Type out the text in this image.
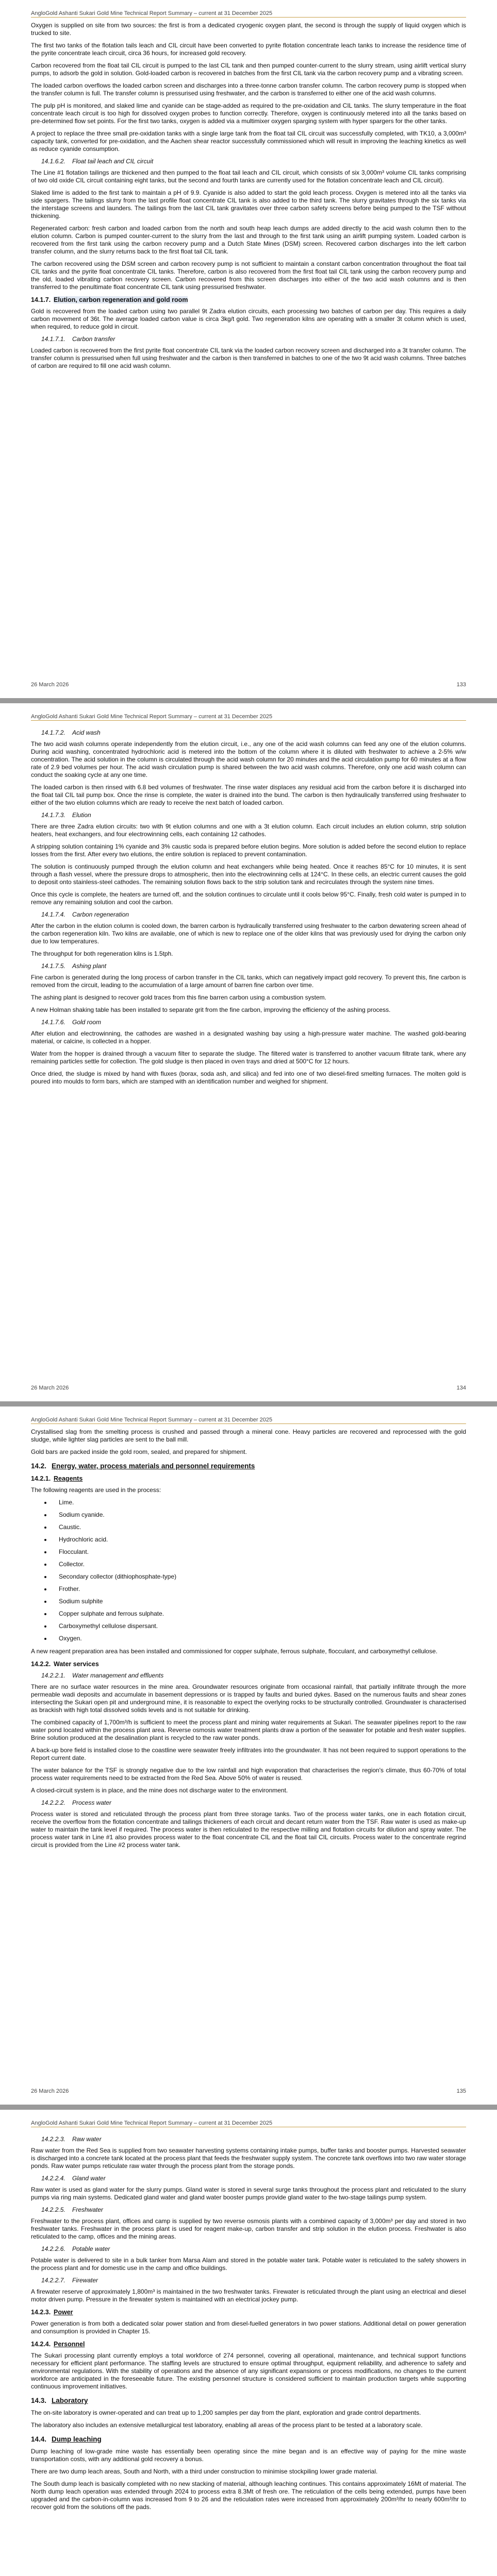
AngloGold Ashanti Sukari Gold Mine Technical Report Summary – current at 31 December 2025

Oxygen is supplied on site from two sources: the first is from a dedicated cryogenic oxygen plant, the second is through the supply of liquid oxygen which is trucked to site.

The first two tanks of the flotation tails leach and CIL circuit have been converted to pyrite flotation concentrate leach tanks to increase the residence time of the pyrite concentrate leach circuit, circa 36 hours, for increased gold recovery.

Carbon recovered from the float tail CIL circuit is pumped to the last CIL tank and then pumped counter-current to the slurry stream, using airlift vertical slurry pumps, to adsorb the gold in solution. Gold-loaded carbon is recovered in batches from the first CIL tank via the carbon recovery pump and a vibrating screen.

The loaded carbon overflows the loaded carbon screen and discharges into a three-tonne carbon transfer column. The carbon recovery pump is stopped when the transfer column is full. The transfer column is pressurised using freshwater, and the carbon is transferred to either one of the acid wash columns.

The pulp pH is monitored, and slaked lime and cyanide can be stage-added as required to the pre-oxidation and CIL tanks. The slurry temperature in the float concentrate leach circuit is too high for dissolved oxygen probes to function correctly. Therefore, oxygen is continuously metered into all the tanks based on pre-determined flow set points. For the first two tanks, oxygen is added via a multimixer oxygen sparging system with hyper spargers for the other tanks.

A project to replace the three small pre-oxidation tanks with a single large tank from the float tail CIL circuit was successfully completed, with TK10, a 3,000m³ capacity tank, converted for pre-oxidation, and the Aachen shear reactor successfully commissioned which will result in improving the leaching kinetics as well as reduce cyanide consumption.

14.1.6.2. Float tail leach and CIL circuit

The Line #1 flotation tailings are thickened and then pumped to the float tail leach and CIL circuit, which consists of six 3,000m³ volume CIL tanks comprising of two old oxide CIL circuit containing eight tanks, but the second and fourth tanks are currently used for the flotation concentrate leach and CIL circuit).

Slaked lime is added to the first tank to maintain a pH of 9.9. Cyanide is also added to start the gold leach process. Oxygen is metered into all the tanks via side spargers. The tailings slurry from the last profile float concentrate CIL tank is also added to the third tank. The slurry gravitates through the six tanks via the interstage screens and launders. The tailings from the last CIL tank gravitates over three carbon safety screens before being pumped to the TSF without thickening.

Regenerated carbon: fresh carbon and loaded carbon from the north and south heap leach dumps are added directly to the acid wash column then to the elution column. Carbon is pumped counter-current to the slurry from the last and through to the first tank using an airlift pumping system. Loaded carbon is recovered from the first tank using the carbon recovery pump and a Dutch State Mines (DSM) screen. Recovered carbon discharges into the left carbon transfer column, and the slurry returns back to the first float tail CIL tank.

The carbon recovered using the DSM screen and carbon recovery pump is not sufficient to maintain a constant carbon concentration throughout the float tail CIL tanks and the pyrite float concentrate CIL tanks. Therefore, carbon is also recovered from the first float tail CIL tank using the carbon recovery pump and the old, loaded vibrating carbon recovery screen. Carbon recovered from this screen discharges into either of the two acid wash columns and is then transferred to the penultimate float concentrate CIL tank using pressurised freshwater.

14.1.7. Elution, carbon regeneration and gold room

Gold is recovered from the loaded carbon using two parallel 9t Zadra elution circuits, each processing two batches of carbon per day. This requires a daily carbon movement of 36t. The average loaded carbon value is circa 3kg/t gold. Two regeneration kilns are operating with a smaller 3t column which is used, when required, to reduce gold in circuit.

14.1.7.1. Carbon transfer

Loaded carbon is recovered from the first pyrite float concentrate CIL tank via the loaded carbon recovery screen and discharged into a 3t transfer column. The transfer column is pressurised when full using freshwater and the carbon is then transferred in batches to one of the two 9t acid wash columns. Three batches of carbon are required to fill one acid wash column.

26 March 2026	133
AngloGold Ashanti Sukari Gold Mine Technical Report Summary – current at 31 December 2025
14.1.7.2. Acid wash

The two acid wash columns operate independently from the elution circuit, i.e., any one of the acid wash columns can feed any one of the elution columns. During acid washing, concentrated hydrochloric acid is metered into the bottom of the column where it is diluted with freshwater to achieve a 2-5% w/w concentration. The acid solution in the column is circulated through the acid wash column for 20 minutes and the acid circulation pump for 60 minutes at a flow rate of 2.9 bed volumes per hour. The acid wash circulation pump is shared between the two acid wash columns. Therefore, only one acid wash column can conduct the soaking cycle at any one time.

The loaded carbon is then rinsed with 6.8 bed volumes of freshwater. The rinse water displaces any residual acid from the carbon before it is discharged into the float tail CIL tail pump box. Once the rinse is complete, the water is drained into the bund. The carbon is then hydraulically transferred using freshwater to either of the two elution columns which are ready to receive the next batch of loaded carbon.

14.1.7.3. Elution

There are three Zadra elution circuits: two with 9t elution columns and one with a 3t elution column. Each circuit includes an elution column, strip solution heaters, heat exchangers, and four electrowinning cells, each containing 12 cathodes.

A stripping solution containing 1% cyanide and 3% caustic soda is prepared before elution begins. More solution is added before the second elution to replace losses from the first. After every two elutions, the entire solution is replaced to prevent contamination.

The solution is continuously pumped through the elution column and heat exchangers while being heated. Once it reaches 85°C for 10 minutes, it is sent through a flash vessel, where the pressure drops to atmospheric, then into the electrowinning cells at 124°C. In these cells, an electric current causes the gold to deposit onto stainless-steel cathodes. The remaining solution flows back to the strip solution tank and recirculates through the system nine times.

Once this cycle is complete, the heaters are turned off, and the solution continues to circulate until it cools below 95°C. Finally, fresh cold water is pumped in to remove any remaining solution and cool the carbon.

14.1.7.4. Carbon regeneration

After the carbon in the elution column is cooled down, the barren carbon is hydraulically transferred using freshwater to the carbon dewatering screen ahead of the carbon regeneration kiln. Two kilns are available, one of which is new to replace one of the older kilns that was previously used for drying the carbon only due to low temperatures.

The throughput for both regeneration kilns is 1.5tph.

14.1.7.5. Ashing plant

Fine carbon is generated during the long process of carbon transfer in the CIL tanks, which can negatively impact gold recovery. To prevent this, fine carbon is removed from the circuit, leading to the accumulation of a large amount of barren fine carbon over time.

The ashing plant is designed to recover gold traces from this fine barren carbon using a combustion system.

A new Holman shaking table has been installed to separate grit from the fine carbon, improving the efficiency of the ashing process.

14.1.7.6. Gold room

After elution and electrowinning, the cathodes are washed in a designated washing bay using a high-pressure water machine. The washed gold-bearing material, or calcine, is collected in a hopper.

Water from the hopper is drained through a vacuum filter to separate the sludge. The filtered water is transferred to another vacuum filtrate tank, where any remaining particles settle for collection. The gold sludge is then placed in oven trays and dried at 500°C for 12 hours.

Once dried, the sludge is mixed by hand with fluxes (borax, soda ash, and silica) and fed into one of two diesel-fired smelting furnaces. The molten gold is poured into moulds to form bars, which are stamped with an identification number and weighed for shipment.

26 March 2026	134
AngloGold Ashanti Sukari Gold Mine Technical Report Summary – current at 31 December 2025

Crystallised slag from the smelting process is crushed and passed through a mineral cone. Heavy particles are recovered and reprocessed with the gold sludge, while lighter slag particles are sent to the ball mill.

Gold bars are packed inside the gold room, sealed, and prepared for shipment.

14.2. Energy, water, process materials and personnel requirements
14.2.1. Reagents

The following reagents are used in the process:

• Lime.
• Sodium cyanide.
• Caustic.
• Hydrochloric acid.
• Flocculant.
• Collector.
• Secondary collector (dithiophosphate-type)
• Frother.
• Sodium sulphite
• Copper sulphate and ferrous sulphate.
• Carboxymethyl cellulose dispersant.
• Oxygen.

A new reagent preparation area has been installed and commissioned for copper sulphate, ferrous sulphate, flocculant, and carboxymethyl cellulose.

14.2.2. Water services
14.2.2.1. Water management and effluents

There are no surface water resources in the mine area. Groundwater resources originate from occasional rainfall, that partially infiltrate through the more permeable wadi deposits and accumulate in basement depressions or is trapped by faults and buried dykes. Based on the numerous faults and shear zones intersecting the Sukari open pit and underground mine, it is reasonable to expect the overlying rocks to be structurally controlled. Groundwater is characterised as brackish with high total dissolved solids levels and is not suitable for drinking.

The combined capacity of 1,700m³/h is sufficient to meet the process plant and mining water requirements at Sukari. The seawater pipelines report to the raw water pond located within the process plant area. Reverse osmosis water treatment plants draw a portion of the seawater for potable and fresh water supplies. Brine solution produced at the desalination plant is recycled to the raw water ponds.

A back-up bore field is installed close to the coastline were seawater freely infiltrates into the groundwater. It has not been required to support operations to the Report current date.

The water balance for the TSF is strongly negative due to the low rainfall and high evaporation that characterises the region's climate, thus 60-70% of total process water requirements need to be extracted from the Red Sea. Above 50% of water is reused.

A closed-circuit system is in place, and the mine does not discharge water to the environment.

14.2.2.2. Process water

Process water is stored and reticulated through the process plant from three storage tanks. Two of the process water tanks, one in each flotation circuit, receive the overflow from the flotation concentrate and tailings thickeners of each circuit and decant return water from the TSF. Raw water is used as make-up water to maintain the tank level if required. The process water is then reticulated to the respective milling and flotation circuits for dilution and spray water. The process water tank in Line #1 also provides process water to the float concentrate CIL and the float tail CIL circuits. Process water to the concentrate regrind circuit is provided from the Line #2 process water tank.

26 March 2026	135
AngloGold Ashanti Sukari Gold Mine Technical Report Summary – current at 31 December 2025
14.2.2.3. Raw water

Raw water from the Red Sea is supplied from two seawater harvesting systems containing intake pumps, buffer tanks and booster pumps. Harvested seawater is discharged into a concrete tank located at the process plant that feeds the freshwater supply system. The concrete tank overflows into two raw water storage ponds. Raw water pumps reticulate raw water through the process plant from the storage ponds.

14.2.2.4. Gland water

Raw water is used as gland water for the slurry pumps. Gland water is stored in several surge tanks throughout the process plant and reticulated to the slurry pumps via ring main systems. Dedicated gland water and gland water booster pumps provide gland water to the two-stage tailings pump system.

14.2.2.5. Freshwater

Freshwater to the process plant, offices and camp is supplied by two reverse osmosis plants with a combined capacity of 3,000m³ per day and stored in two freshwater tanks. Freshwater in the process plant is used for reagent make-up, carbon transfer and strip solution in the elution process. Freshwater is also reticulated to the camp, offices and the mining areas.

14.2.2.6. Potable water

Potable water is delivered to site in a bulk tanker from Marsa Alam and stored in the potable water tank. Potable water is reticulated to the safety showers in the process plant and for domestic use in the camp and office buildings.

14.2.2.7. Firewater

A firewater reserve of approximately 1,800m³ is maintained in the two freshwater tanks. Firewater is reticulated through the plant using an electrical and diesel motor driven pump. Pressure in the firewater system is maintained with an electrical jockey pump.

14.2.3. Power

Power generation is from both a dedicated solar power station and from diesel-fuelled generators in two power stations. Additional detail on power generation and consumption is provided in Chapter 15.

14.2.4. Personnel

The Sukari processing plant currently employs a total workforce of 274 personnel, covering all operational, maintenance, and technical support functions necessary for efficient plant performance. The staffing levels are structured to ensure optimal throughput, equipment reliability, and adherence to safety and environmental regulations. With the stability of operations and the absence of any significant expansions or process modifications, no changes to the current workforce are anticipated in the foreseeable future. The existing personnel structure is considered sufficient to maintain production targets while supporting continuous improvement initiatives.

14.3. Laboratory

The on-site laboratory is owner-operated and can treat up to 1,200 samples per day from the plant, exploration and grade control departments.

The laboratory also includes an extensive metallurgical test laboratory, enabling all areas of the process plant to be tested at a laboratory scale.

14.4. Dump leaching

Dump leaching of low-grade mine waste has essentially been operating since the mine began and is an effective way of paying for the mine waste transportation costs, with any additional gold recovery a bonus.

There are two dump leach areas, South and North, with a third under construction to minimise stockpiling lower grade material.

The South dump leach is basically completed with no new stacking of material, although leaching continues. This contains approximately 16Mt of material. The North dump leach operation was extended through 2024 to process extra 8.3Mt of fresh ore. The reticulation of the cells being extended, pumps have been upgraded and the carbon-in-column was increased from 9 to 26 and the reticulation rates were increased from approximately 200m³/hr to nearly 600m³/hr to recover gold from the solutions off the pads.
